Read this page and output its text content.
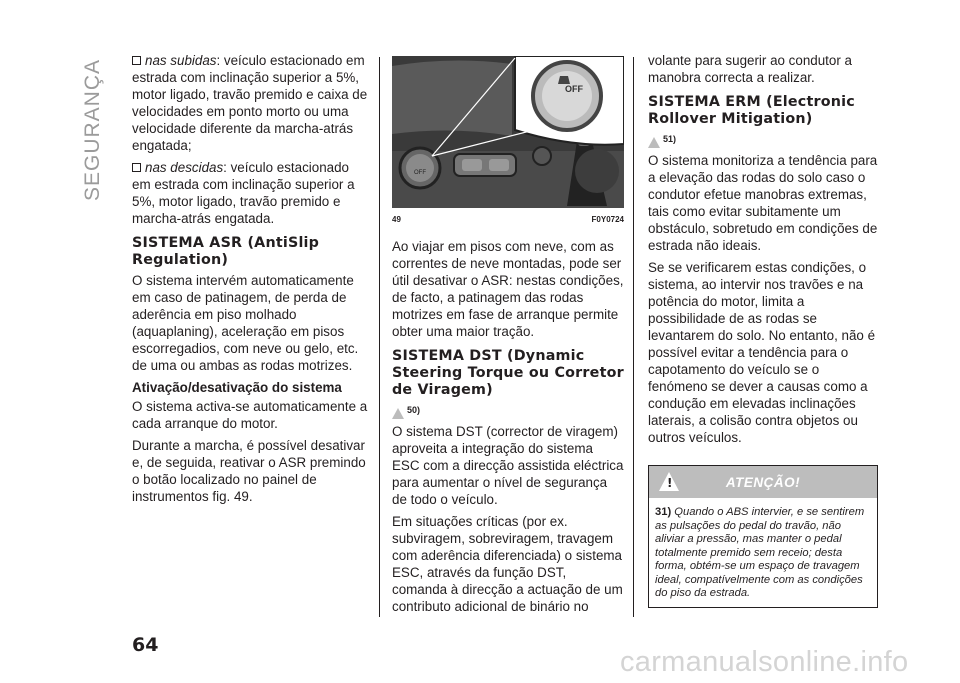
SEGURANÇA	nas subidas: veículo estacionado em estrada com inclinação superior a 5%, motor ligado, travão premido e caixa de velocidades em ponto morto ou uma velocidade diferente da marcha-atrás engatada;

nas descidas: veículo estacionado em estrada com inclinação superior a 5%, motor ligado, travão premido e marcha-atrás engatada.

SISTEMA ASR (AntiSlip Regulation)

O sistema intervém automaticamente em caso de patinagem, de perda de aderência em piso molhado (aquaplaning), aceleração em pisos escorregadios, com neve ou gelo, etc. de uma ou ambas as rodas motrizes.

Ativação/desativação do sistema

O sistema activa-se automaticamente a cada arranque do motor.

Durante a marcha, é possível desativar e, de seguida, reativar o ASR premindo o botão localizado no painel de instrumentos fig. 49.

OFF
OFF
49	F0Y0724

Ao viajar em pisos com neve, com as correntes de neve montadas, pode ser útil desativar o ASR: nestas condições, de facto, a patinagem das rodas motrizes em fase de arranque permite obter uma maior tração.

SISTEMA DST (Dynamic Steering Torque ou Corretor de Viragem)
50)

O sistema DST (corrector de viragem) aproveita a integração do sistema ESC com a direcção assistida eléctrica para aumentar o nível de segurança de todo o veículo.

Em situações críticas (por ex. subviragem, sobreviragem, travagem com aderência diferenciada) o sistema ESC, através da função DST, comanda à direcção a actuação de um contributo adicional de binário no

volante para sugerir ao condutor a manobra correcta a realizar.

SISTEMA ERM (Electronic Rollover Mitigation)
51)

O sistema monitoriza a tendência para a elevação das rodas do solo caso o condutor efetue manobras extremas, tais como evitar subitamente um obstáculo, sobretudo em condições de estrada não ideais.

Se se verificarem estas condições, o sistema, ao intervir nos travões e na potência do motor, limita a possibilidade de as rodas se levantarem do solo. No entanto, não é possível evitar a tendência para o capotamento do veículo se o fenómeno se dever a causas como a condução em elevadas inclinações laterais, a colisão contra objetos ou outros veículos.

!
ATENÇÃO!
31) Quando o ABS intervier, e se sentirem as pulsações do pedal do travão, não aliviar a pressão, mas manter o pedal totalmente premido sem receio; desta forma, obtém-se um espaço de travagem ideal, compatívelmente com as condições do piso da estrada.
64
carmanualsonline.info
